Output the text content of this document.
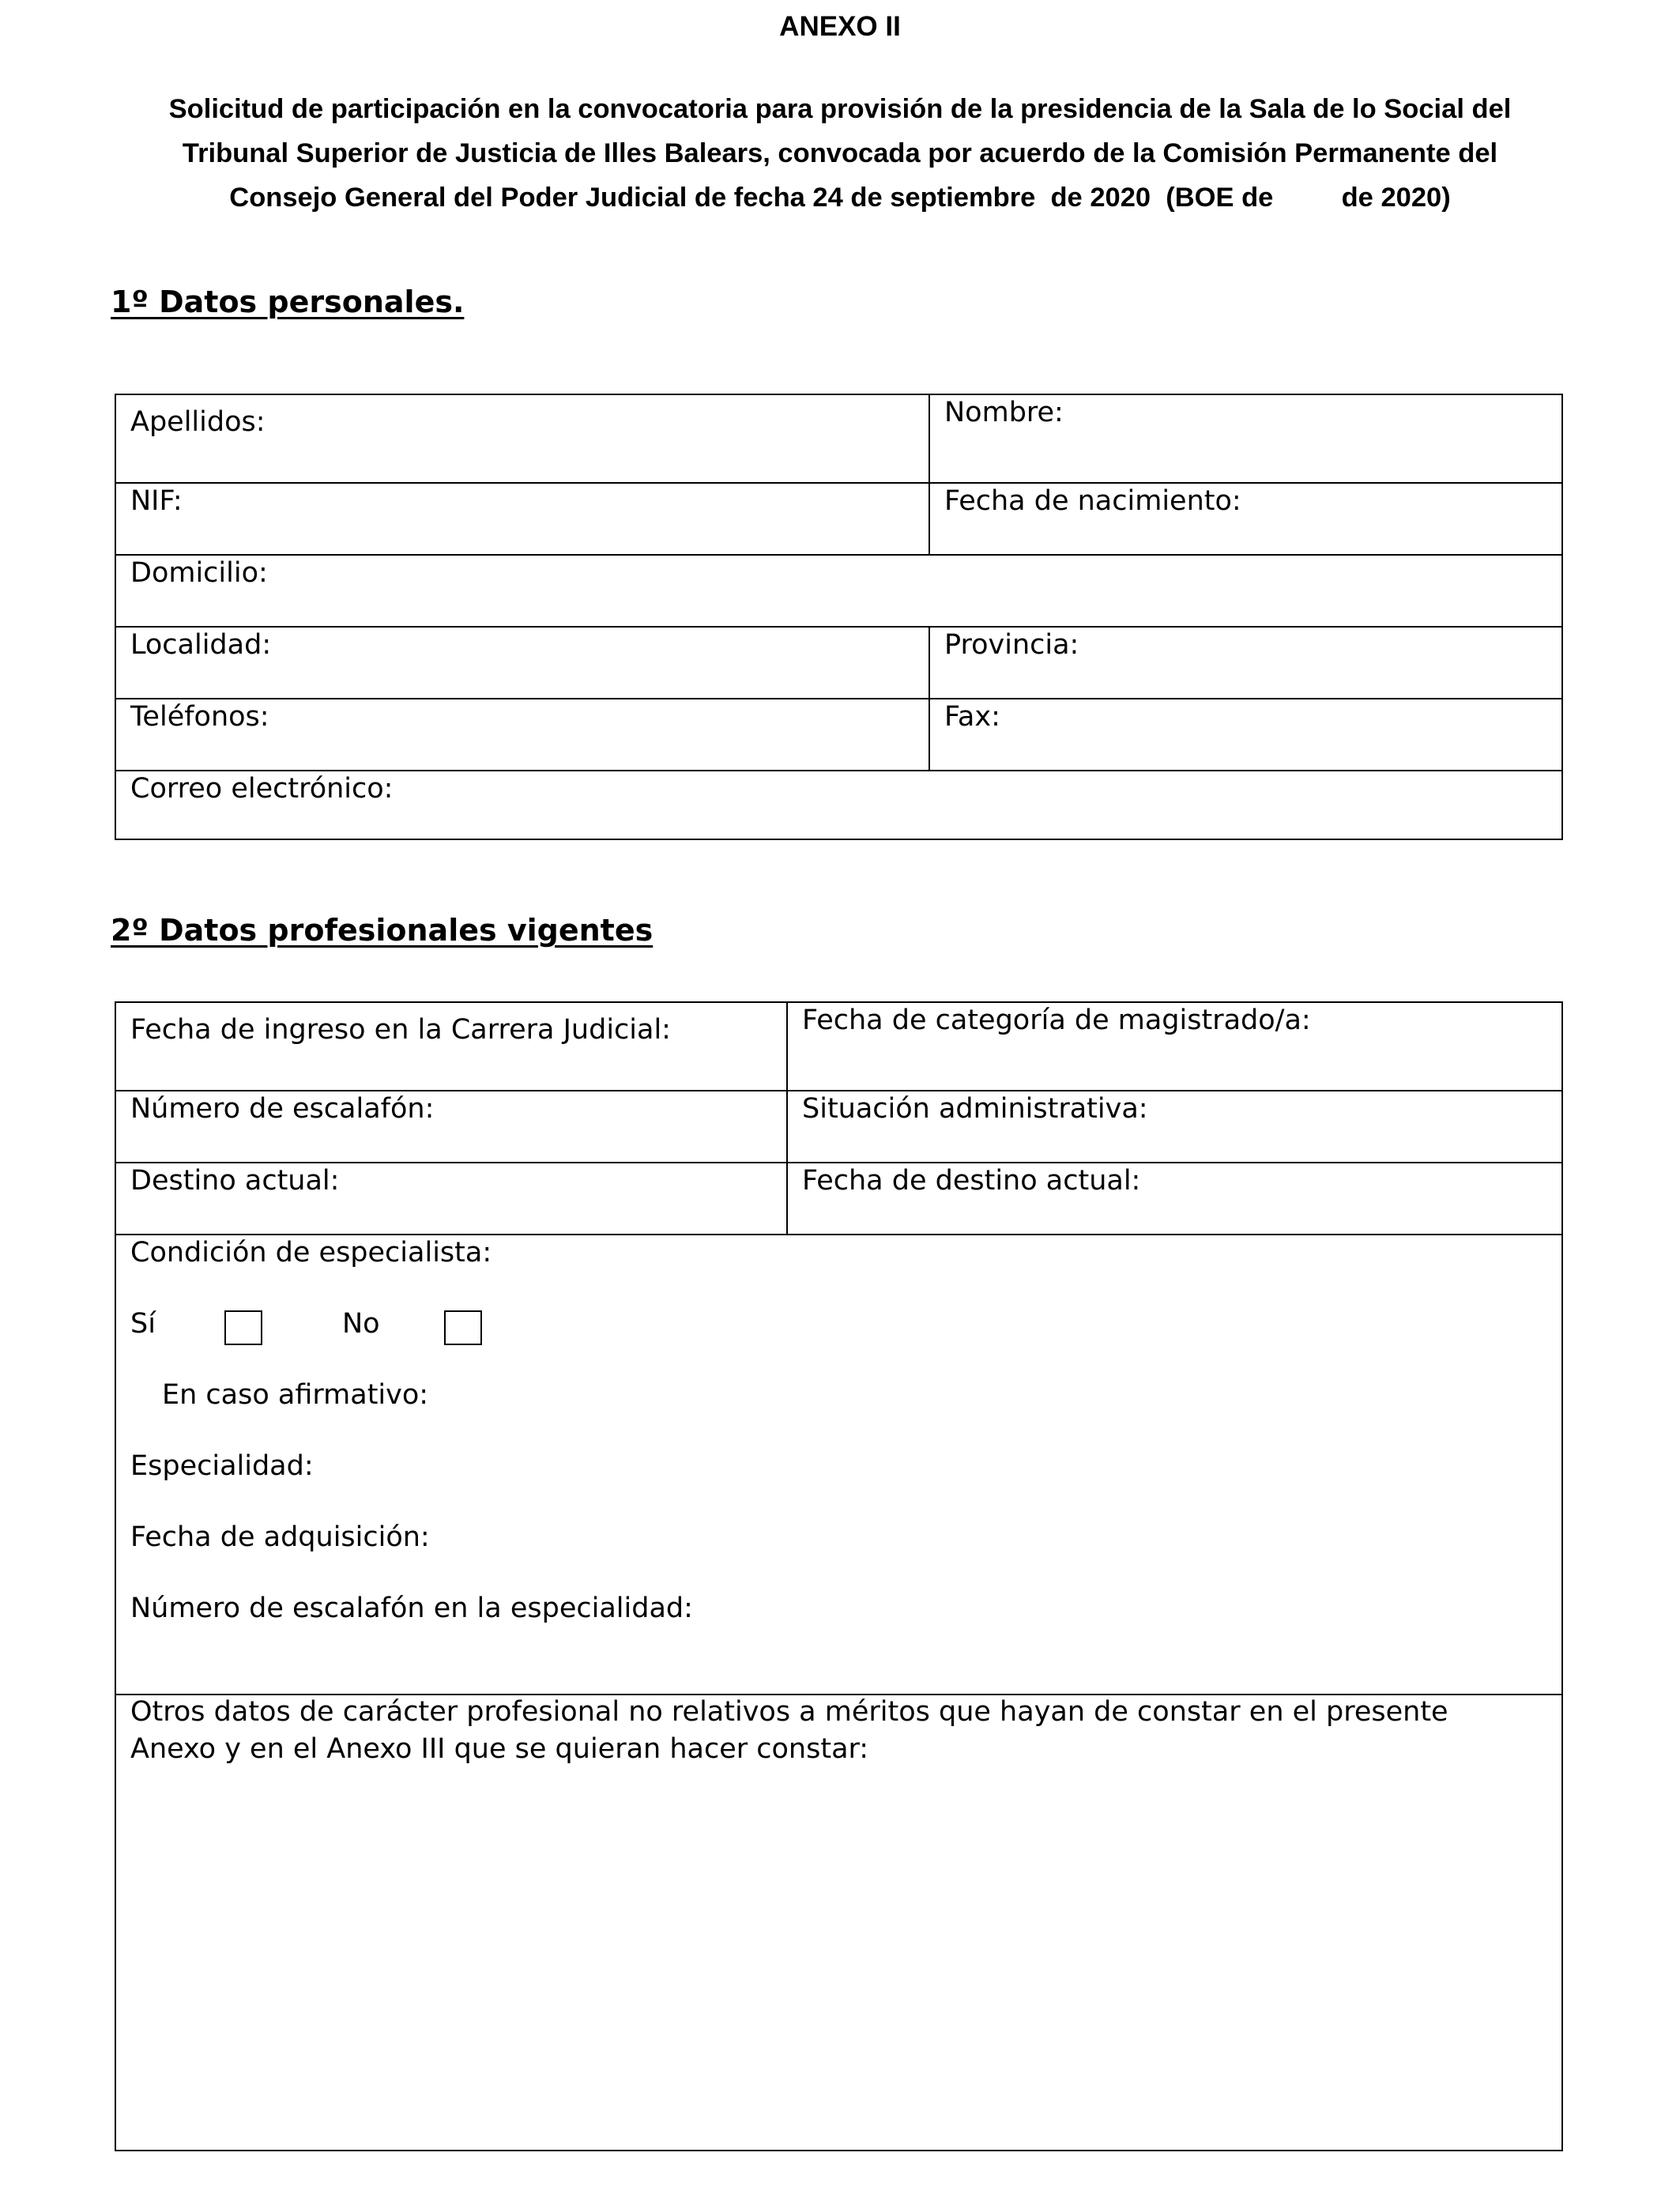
ANEXO II
Solicitud de participación en la convocatoria para provisión de la presidencia de la Sala de lo Social del
Tribunal Superior de Justicia de Illes Balears, convocada por acuerdo de la Comisión Permanente del
Consejo General del Poder Judicial de fecha 24 de septiembre  de 2020  (BOE de         de 2020)
1º Datos personales.
Apellidos:	Nombre:
NIF:	Fecha de nacimiento:
Domicilio:
Localidad:	Provincia:
Teléfonos:	Fax:
Correo electrónico:
2º Datos profesionales vigentes
Fecha de ingreso en la Carrera Judicial:	Fecha de categoría de magistrado/a:
Número de escalafón:	Situación administrativa:
Destino actual:	Fecha de destino actual:
Condición de especialista:
Sí	No
En caso afirmativo:
Especialidad:
Fecha de adquisición:
Número de escalafón en la especialidad:
Otros datos de carácter profesional no relativos a méritos que hayan de constar en el presente
Anexo y en el Anexo III que se quieran hacer constar:
